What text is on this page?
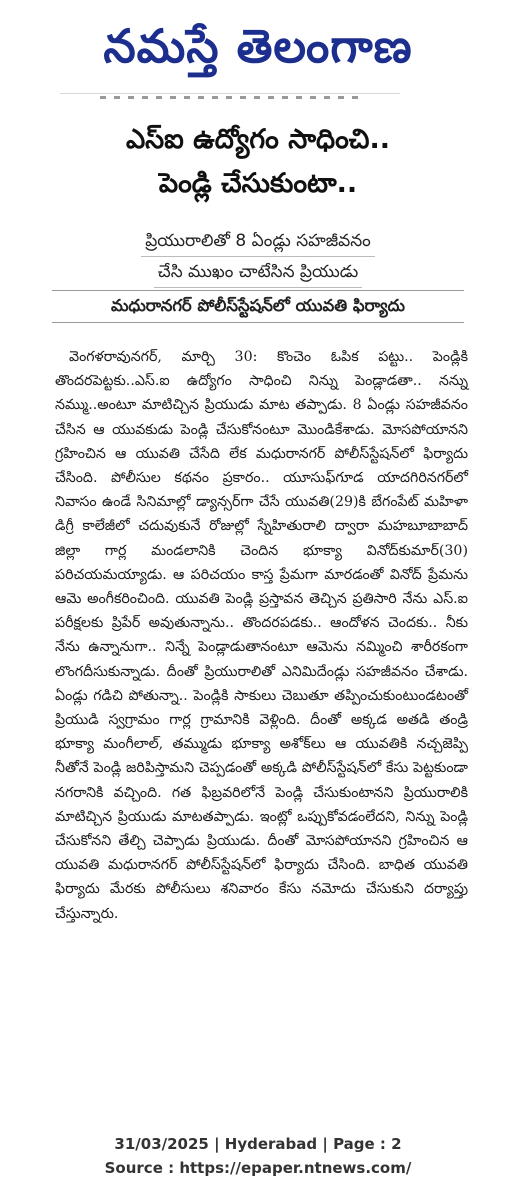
నమస్తే తెలంగాణ
ఎస్ఐ ఉద్యోగం సాధించి..
పెండ్లి చేసుకుంటా..
ప్రియురాలితో 8 ఏండ్లు సహజీవనం
చేసి ముఖం చాటేసిన ప్రియుడు
మధురానగర్ పోలీస్‌స్టేషన్‌లో యువతి ఫిర్యాదు

వెంగళరావునగర్, మార్చి 30: కొంచెం ఓపిక పట్టు.. పెండ్లికి తొందరపెట్టకు..ఎస్.ఐ ఉద్యోగం సాధించి నిన్ను పెండ్లాడతా.. నన్ను నమ్ము..అంటూ మాటిచ్చిన ప్రియుడు మాట తప్పాడు. 8 ఏండ్లు సహజీవనం చేసిన ఆ యువకుడు పెండ్లి చేసుకోనంటూ మొండికేశాడు. మోసపోయానని గ్రహించిన ఆ యువతి చేసేది లేక మధురానగర్ పోలీస్‌స్టేషన్‌లో ఫిర్యాదు చేసింది. పోలీసుల కథనం ప్రకారం.. యూసుఫ్‌గూడ యాదగిరినగర్‌లో నివాసం ఉండే సినిమాల్లో డ్యాన్సర్‌గా చేసే యువతి(29)కి బేగంపేట్ మహిళా డిగ్రీ కాలేజీలో చదువుకునే రోజుల్లో స్నేహితురాలి ద్వారా మహబూబాబాద్ జిల్లా గార్ల మండలానికి చెందిన భూక్యా వినోద్‌కుమార్(30) పరిచయమయ్యాడు. ఆ పరిచయం కాస్త ప్రేమగా మారడంతో వినోద్ ప్రేమను ఆమె అంగీకరించింది. యువతి పెండ్లి ప్రస్తావన తెచ్చిన ప్రతిసారి నేను ఎస్.ఐ పరీక్షలకు ప్రిపేర్ అవుతున్నాను.. తొందరపడకు.. ఆందోళన చెందకు.. నీకు నేను ఉన్నానుగా.. నిన్నే పెండ్లాడుతానంటూ ఆమెను నమ్మించి శారీరకంగా లొంగదీసుకున్నాడు. దీంతో ప్రియురాలితో ఎనిమిదేండ్లు సహజీవనం చేశాడు. ఏండ్లు గడిచి పోతున్నా.. పెండ్లికి సాకులు చెబుతూ తప్పించుకుంటుండటంతో ప్రియుడి స్వగ్రామం గార్ల గ్రామానికి వెళ్లింది. దీంతో అక్కడ అతడి తండ్రి భూక్యా మంగీలాల్, తమ్ముడు భూక్యా అశోక్‌లు ఆ యువతికి నచ్చజెప్పి నీతోనే పెండ్లి జరిపిస్తామని చెప్పడంతో అక్కడి పోలీస్‌స్టేషన్‌లో కేసు పెట్టకుండా నగరానికి వచ్చింది. గత ఫిబ్రవరిలోనే పెండ్లి చేసుకుంటానని ప్రియురాలికి మాటిచ్చిన ప్రియుడు మాటతప్పాడు. ఇంట్లో ఒప్పుకోవడంలేదని, నిన్ను పెండ్లి చేసుకోనని తేల్చి చెప్పాడు ప్రియుడు. దీంతో మోసపోయానని గ్రహించిన ఆ యువతి మధురానగర్ పోలీస్‌స్టేషన్‌లో ఫిర్యాదు చేసింది. బాధిత యువతి ఫిర్యాదు మేరకు పోలీసులు శనివారం కేసు నమోదు చేసుకుని దర్యాప్తు చేస్తున్నారు.

31/03/2025 | Hyderabad | Page : 2
Source : https://epaper.ntnews.com/
